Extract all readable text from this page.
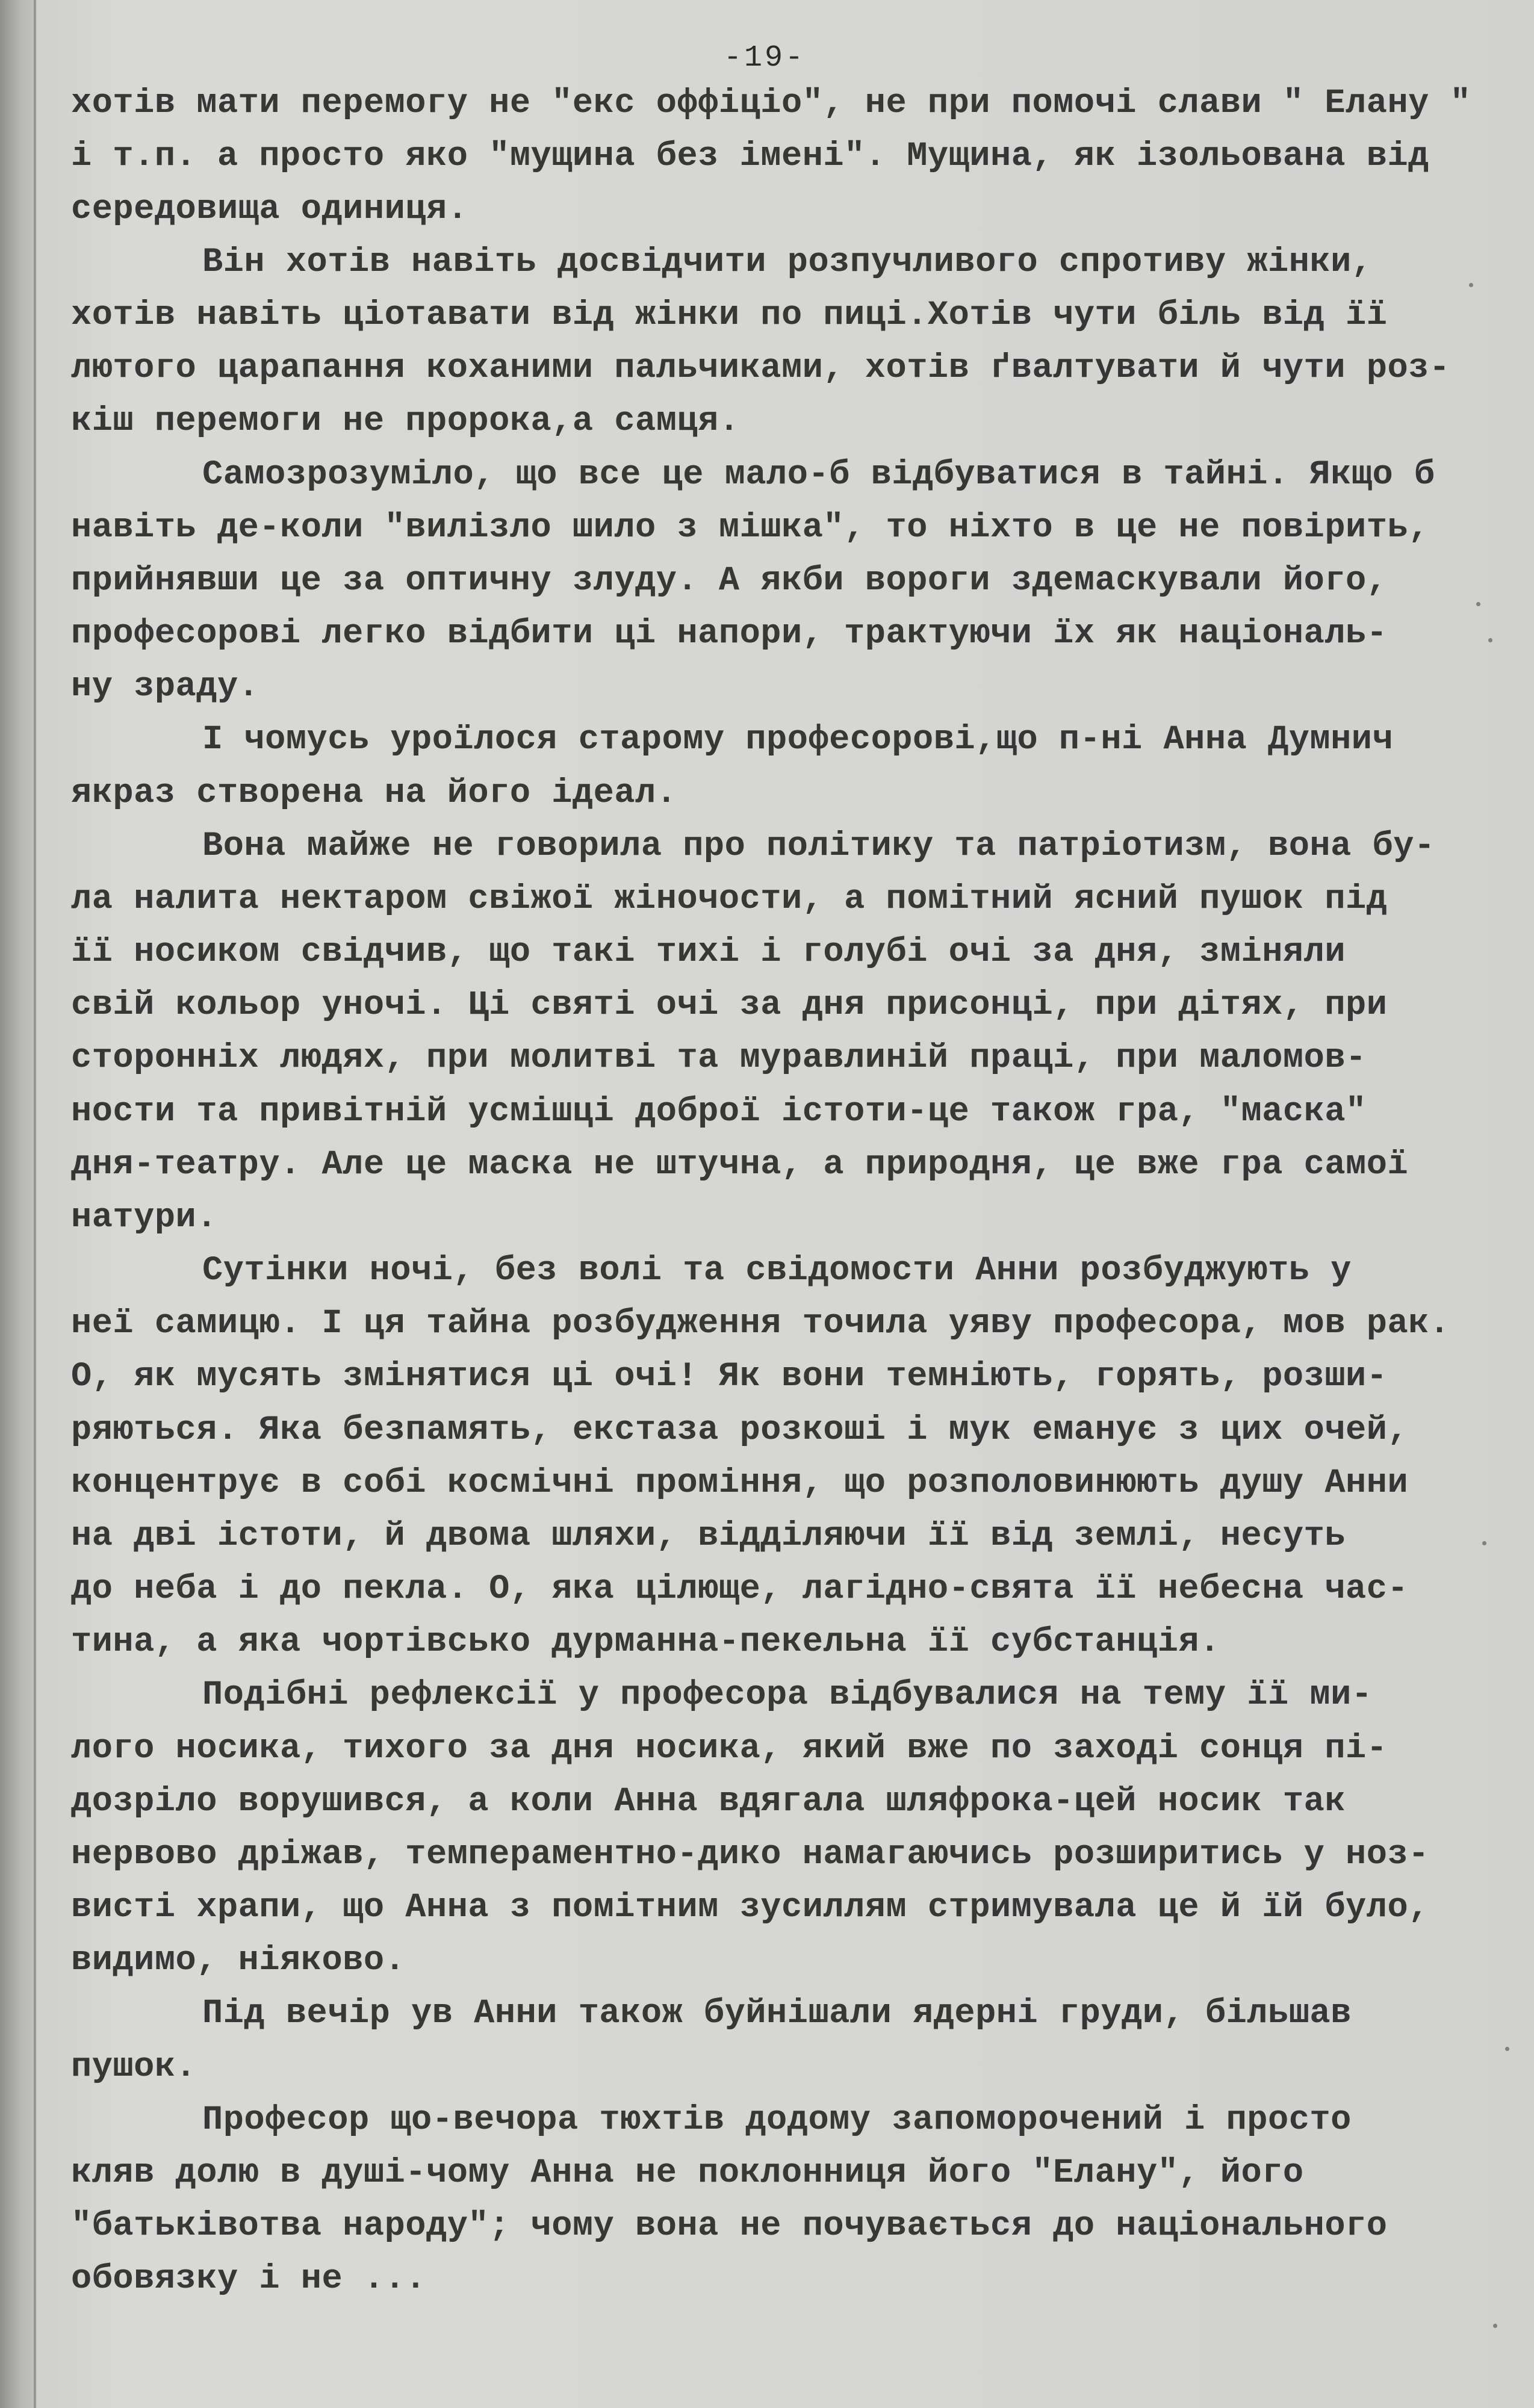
-19-
хотів мати перемогу не "екс оффіціо", не при помочі слави " Елану "
і т.п. а просто яко "мущина без імені". Мущина, як ізольована від
середовища одиниця.
Він хотів навіть досвідчити розпучливого спротиву жінки,
хотів навіть ціотавати від жінки по пиці.Хотів чути біль від її
лютого царапання коханими пальчиками, хотів ґвалтувати й чути роз-
кіш перемоги не пророка,а самця.
Самозрозуміло, що все це мало-б відбуватися в тайні. Якщо б
навіть де-коли "вилізло шило з мішка", то ніхто в це не повірить,
прийнявши це за оптичну злуду. А якби вороги здемаскували його,
професорові легко відбити ці напори, трактуючи їх як національ-
ну зраду.
І чомусь уроїлося старому професорові,що п-ні Анна Думнич
якраз створена на його ідеал.
Вона майже не говорила про політику та патріотизм, вона бу-
ла налита нектаром свіжої жіночости, а помітний ясний пушок під
її носиком свідчив, що такі тихі і голубі очі за дня, зміняли
свій кольор уночі. Ці святі очі за дня присонці, при дітях, при
сторонніх людях, при молитві та муравлиній праці, при маломов-
ности та привітній усмішці доброї істоти-це також гра, "маска"
дня-театру. Але це маска не штучна, а природня, це вже гра самої
натури.
Сутінки ночі, без волі та свідомости Анни розбуджують у
неї самицю. І ця тайна розбудження точила уяву професора, мов рак.
О, як мусять змінятися ці очі! Як вони темніють, горять, розши-
ряються. Яка безпамять, екстаза розкоші і мук еманує з цих очей,
концентрує в собі космічні проміння, що розполовинюють душу Анни
на дві істоти, й двома шляхи, відділяючи її від землі, несуть
до неба і до пекла. О, яка цілюще, лагідно-свята її небесна час-
тина, а яка чортівсько дурманна-пекельна її субстанція.
Подібні рефлексії у професора відбувалися на тему її ми-
лого носика, тихого за дня носика, який вже по заході сонця пі-
дозріло ворушився, а коли Анна вдягала шляфрока-цей носик так
нервово дріжав, темпераментно-дико намагаючись розширитись у ноз-
висті храпи, що Анна з помітним зусиллям стримувала це й їй було,
видимо, ніяково.
Під вечір ув Анни також буйнішали ядерні груди, більшав
пушок.
Професор що-вечора тюхтів додому запоморочений і просто
кляв долю в душі-чому Анна не поклонниця його "Елану", його
"батьківотва народу"; чому вона не почувається до національного
обовязку і не ...
